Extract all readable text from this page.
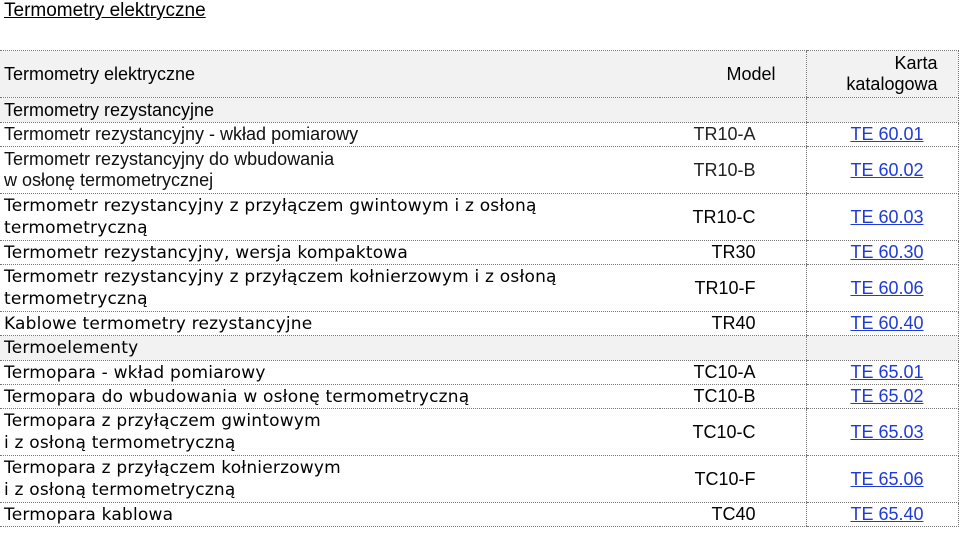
Termometry elektryczne
Termometry elektryczne	Model	Karta
katalogowa
Termometry rezystancyjne		
Termometr rezystancyjny - wkład pomiarowy	TR10-A	TE 60.01
Termometr rezystancyjny do wbudowania
w osłonę termometrycznej	TR10-B	TE 60.02
Termometr rezystancyjny z przyłączem gwintowym i z osłoną
termometryczną	TR10-C	TE 60.03
Termometr rezystancyjny, wersja kompaktowa	TR30	TE 60.30
Termometr rezystancyjny z przyłączem kołnierzowym i z osłoną
termometryczną	TR10-F	TE 60.06
Kablowe termometry rezystancyjne	TR40	TE 60.40
Termoelementy		
Termopara - wkład pomiarowy	TC10-A	TE 65.01
Termopara do wbudowania w osłonę termometryczną	TC10-B	TE 65.02
Termopara z przyłączem gwintowym
i z osłoną termometryczną	TC10-C	TE 65.03
Termopara z przyłączem kołnierzowym
i z osłoną termometryczną	TC10-F	TE 65.06
Termopara kablowa	TC40	TE 65.40
